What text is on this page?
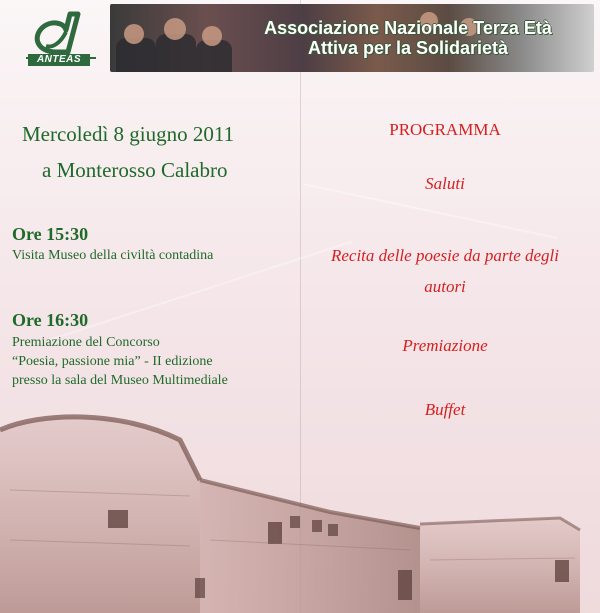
ANTEAS
Associazione Nazionale Terza Età
Attiva per la Solidarietà
Mercoledì 8 giugno 2011
a Monterosso Calabro
Ore 15:30
Visita Museo della civiltà contadina
Ore 16:30
Premiazione del Concorso
“Poesia, passione mia” - II edizione
presso la sala del Museo Multimediale
PROGRAMMA
Saluti
Recita delle poesie da parte degli autori
Premiazione
Buffet
